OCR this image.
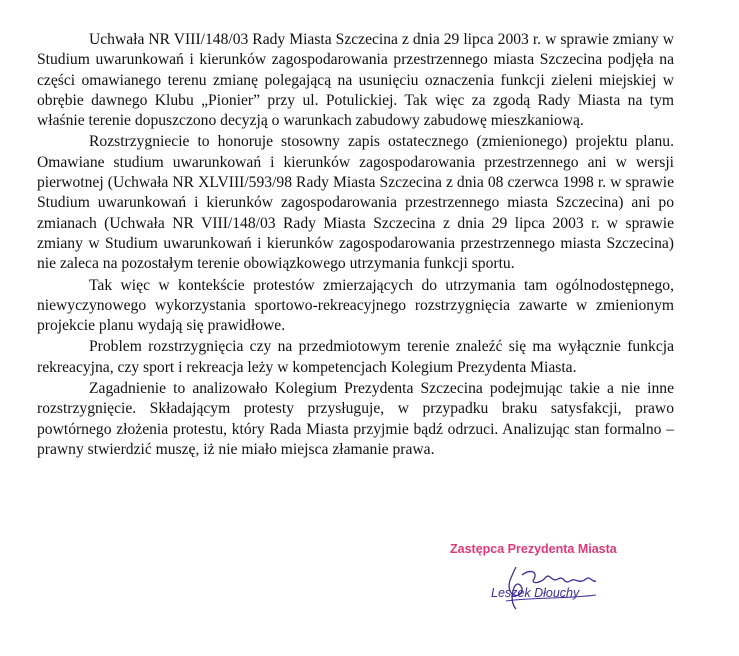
Uchwała NR VIII/148/03 Rady Miasta Szczecina z dnia 29 lipca 2003 r. w sprawie zmiany w Studium uwarunkowań i kierunków zagospodarowania przestrzennego miasta Szczecina podjęła na części omawianego terenu zmianę polegającą na usunięciu oznaczenia funkcji zieleni miejskiej w obrębie dawnego Klubu „Pionier” przy ul. Potulickiej. Tak więc za zgodą Rady Miasta na tym właśnie terenie dopuszczono decyzją o warunkach zabudowy zabudowę mieszkaniową.

Rozstrzygniecie to honoruje stosowny zapis ostatecznego (zmienionego) projektu planu. Omawiane studium uwarunkowań i kierunków zagospodarowania przestrzennego ani w wersji pierwotnej (Uchwała NR XLVIII/593/98 Rady Miasta Szczecina z dnia 08 czerwca 1998 r. w sprawie Studium uwarunkowań i kierunków zagospodarowania przestrzennego miasta Szczecina) ani po zmianach (Uchwała NR VIII/148/03 Rady Miasta Szczecina z dnia 29 lipca 2003 r. w sprawie zmiany w Studium uwarunkowań i kierunków zagospodarowania przestrzennego miasta Szczecina) nie zaleca na pozostałym terenie obowiązkowego utrzymania funkcji sportu.

Tak więc w kontekście protestów zmierzających do utrzymania tam ogólnodostępnego, niewyczynowego wykorzystania sportowo-rekreacyjnego rozstrzygnięcia zawarte w zmienionym projekcie planu wydają się prawidłowe.

Problem rozstrzygnięcia czy na przedmiotowym terenie znaleźć się ma wyłącznie funkcja rekreacyjna, czy sport i rekreacja leży w kompetencjach Kolegium Prezydenta Miasta.

Zagadnienie to analizowało Kolegium Prezydenta Szczecina podejmując takie a nie inne rozstrzygnięcie. Składającym protesty przysługuje, w przypadku braku satysfakcji, prawo powtórnego złożenia protestu, który Rada Miasta przyjmie bądź odrzuci. Analizując stan formalno – prawny stwierdzić muszę, iż nie miało miejsca złamanie prawa.

Zastępca Prezydenta Miasta
Leszek Dłouchy
